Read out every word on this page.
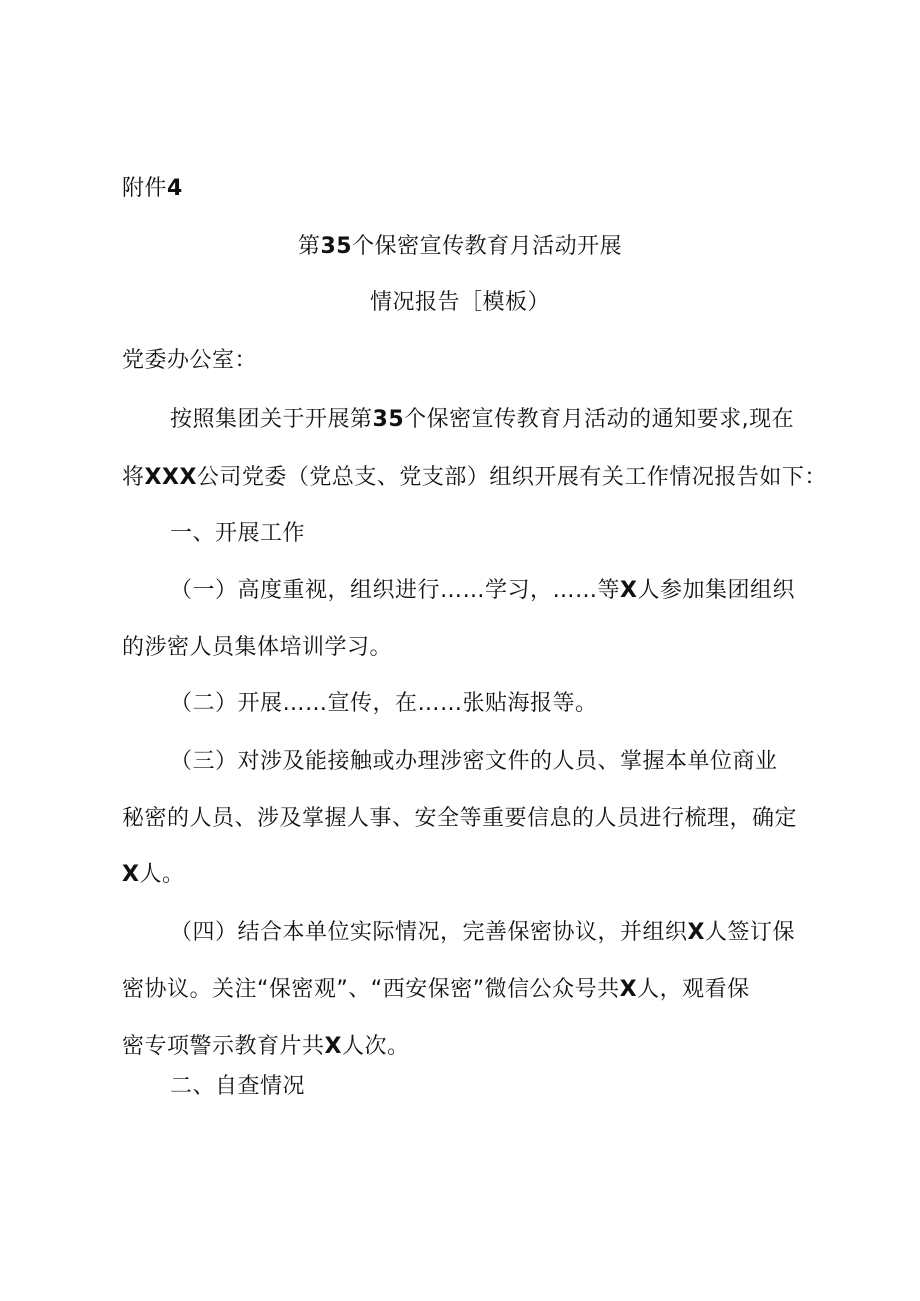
附件4
第35个保密宣传教育月活动开展
情况报告［模板）
党委办公室：
按照集团关于开展第35个保密宣传教育月活动的通知要求,现在
将XXX公司党委（党总支、党支部）组织开展有关工作情况报告如下：
一、开展工作
（一）高度重视，组织进行……学习，……等X人参加集团组织
的涉密人员集体培训学习。
（二）开展……宣传，在……张贴海报等。
（三）对涉及能接触或办理涉密文件的人员、掌握本单位商业
秘密的人员、涉及掌握人事、安全等重要信息的人员进行梳理，确定
X人。
（四）结合本单位实际情况，完善保密协议，并组织X人签订保
密协议。关注“保密观”、“西安保密”微信公众号共X人，观看保
密专项警示教育片共X人次。
二、自查情况
